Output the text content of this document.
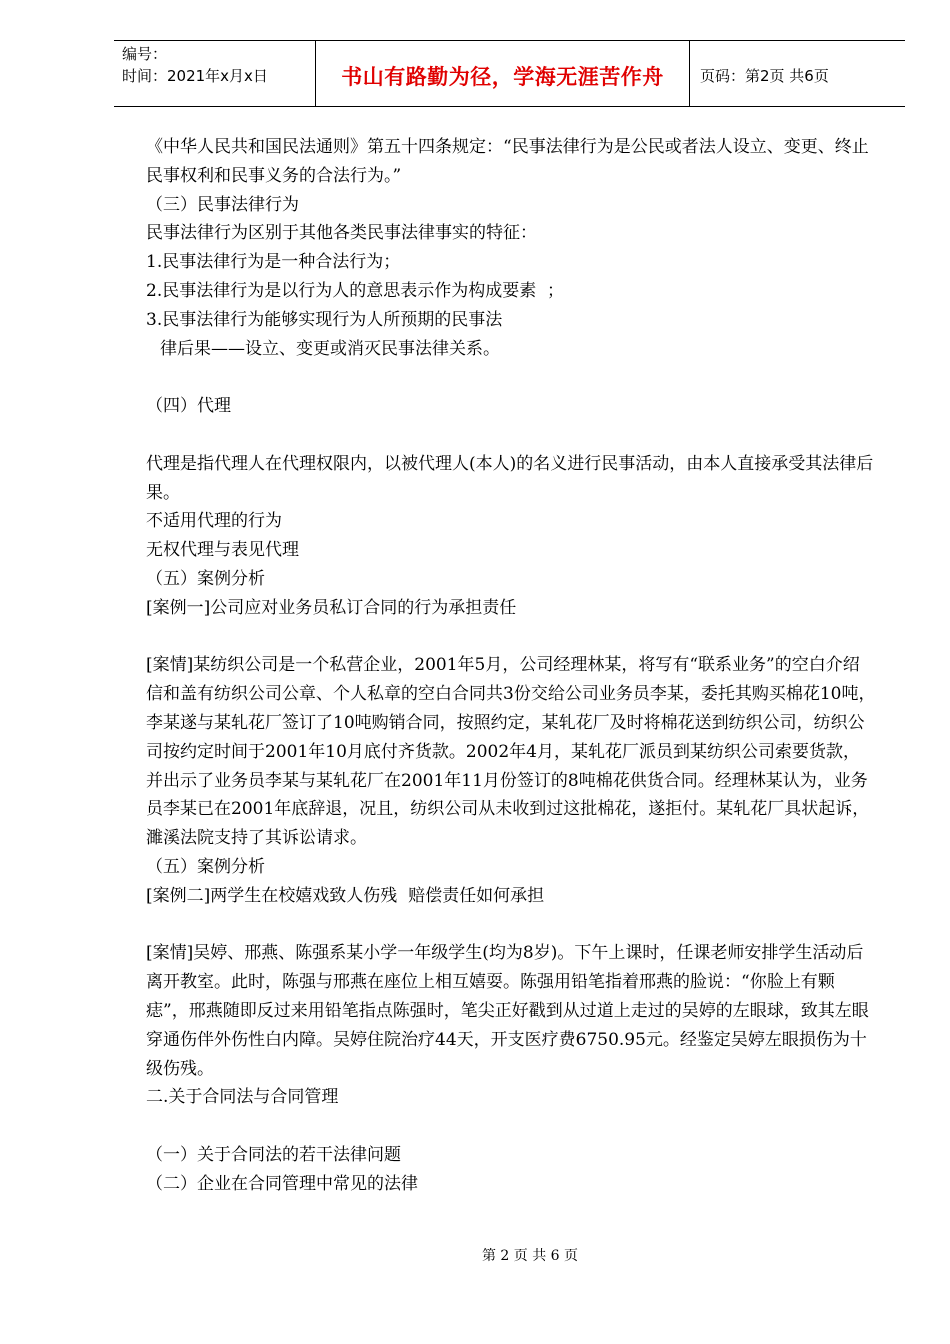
编号：
时间：2021年x月x日	书山有路勤为径，学海无涯苦作舟	页码：第2页 共6页

《中华人民共和国民法通则》第五十四条规定：“民事法律行为是公民或者法人设立、变更、终止民事权利和民事义务的合法行为。”

（三）民事法律行为

民事法律行为区别于其他各类民事法律事实的特征：

1.民事法律行为是一种合法行为；

2.民事法律行为是以行为人的意思表示作为构成要素  ；

3.民事法律行为能够实现行为人所预期的民事法

律后果——设立、变更或消灭民事法律关系。

（四）代理

代理是指代理人在代理权限内，以被代理人(本人)的名义进行民事活动，由本人直接承受其法律后果。

不适用代理的行为

无权代理与表见代理

（五）案例分析

[案例一]公司应对业务员私订合同的行为承担责任

[案情]某纺织公司是一个私营企业，2001年5月，公司经理林某，将写有“联系业务”的空白介绍信和盖有纺织公司公章、个人私章的空白合同共3份交给公司业务员李某，委托其购买棉花10吨，李某遂与某轧花厂签订了10吨购销合同，按照约定，某轧花厂及时将棉花送到纺织公司，纺织公司按约定时间于2001年10月底付齐货款。2002年4月，某轧花厂派员到某纺织公司索要货款，并出示了业务员李某与某轧花厂在2001年11月份签订的8吨棉花供货合同。经理林某认为，业务员李某已在2001年底辞退，况且，纺织公司从未收到过这批棉花，遂拒付。某轧花厂具状起诉，濉溪法院支持了其诉讼请求。

（五）案例分析

[案例二]两学生在校嬉戏致人伤残  赔偿责任如何承担

[案情]吴婷、邢燕、陈强系某小学一年级学生(均为8岁)。下午上课时，任课老师安排学生活动后离开教室。此时，陈强与邢燕在座位上相互嬉耍。陈强用铅笔指着邢燕的脸说：“你脸上有颗痣”，邢燕随即反过来用铅笔指点陈强时，笔尖正好戳到从过道上走过的吴婷的左眼球，致其左眼穿通伤伴外伤性白内障。吴婷住院治疗44天，开支医疗费6750.95元。经鉴定吴婷左眼损伤为十级伤残。

二.关于合同法与合同管理

（一）关于合同法的若干法律问题

（二）企业在合同管理中常见的法律

第 2 页 共 6 页
